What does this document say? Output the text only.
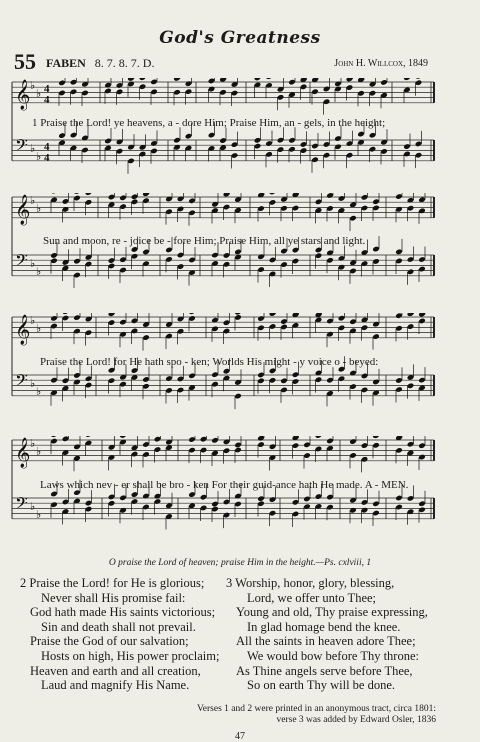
God's Greatness
55 FABEN 8. 7. 8. 7. D.	John H. Willcox, 1849
𝄞 ♭
♭ 4
4
𝄢 ♭
♭
4
4
1 Praise the Lord! ye heavens, a - dore Him; Praise Him, an - gels, in the height;
𝄞 ♭
♭
𝄢 ♭
♭
Sun and moon, re - joice be - fore Him; Praise Him, all ye stars and light.
𝄞 ♭
♭
𝄢 ♭
♭
Praise the Lord! for He hath spo - ken; Worlds His might - y voice o - beyed:
𝄞 ♭
♭
𝄢 ♭
♭
Laws which nev - er shall be bro - ken For their guid-ance hath He made. A - MEN.
O praise the Lord of heaven; praise Him in the height.—Ps. cxlviii, 1
2 Praise the Lord! for He is glorious;
Never shall His promise fail:
God hath made His saints victorious;
Sin and death shall not prevail.
Praise the God of our salvation;
Hosts on high, His power proclaim;
Heaven and earth and all creation,
Laud and magnify His Name.
3 Worship, honor, glory, blessing,
Lord, we offer unto Thee;
Young and old, Thy praise expressing,
In glad homage bend the knee.
All the saints in heaven adore Thee;
We would bow before Thy throne:
As Thine angels serve before Thee,
So on earth Thy will be done.
Verses 1 and 2 were printed in an anonymous tract, circa 1801:
verse 3 was added by Edward Osler, 1836
47
